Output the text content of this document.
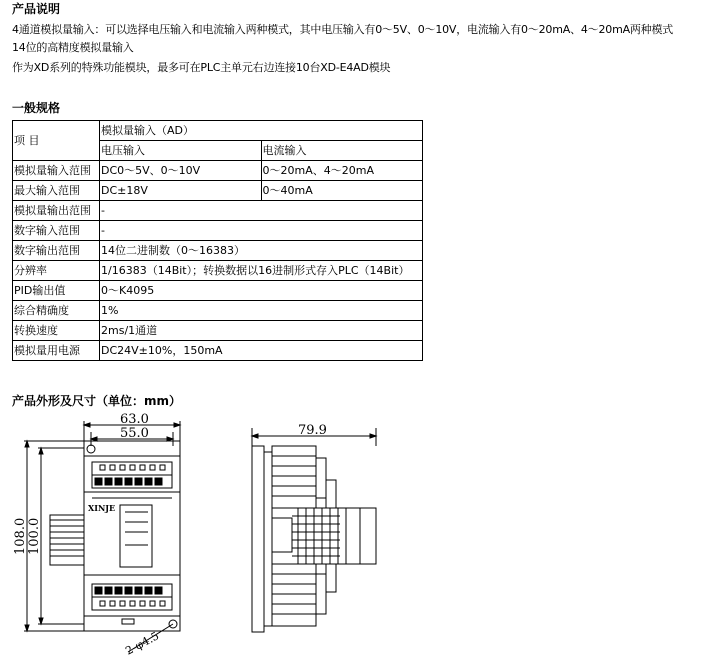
产品说明
4通道模拟量输入：可以选择电压输入和电流输入两种模式，其中电压输入有0～5V、0～10V，电流输入有0～20mA、4～20mA两种模式
14位的高精度模拟量输入
作为XD系列的特殊功能模块，最多可在PLC主单元右边连接10台XD-E4AD模块
一般规格
项 目	模拟量输入（AD）	
	电压输入	电流输入
模拟量输入范围	DC0～5V、0～10V	0～20mA、4～20mA
最大输入范围	DC±18V	0～40mA
模拟量输出范围	-	
数字输入范围	-	
数字输出范围	14位二进制数（0～16383）	
分辨率	1/16383（14Bit）；转换数据以16进制形式存入PLC（14Bit）	
PID输出值	0～K4095	
综合精确度	1%	
转换速度	2ms/1通道	
模拟量用电源	DC24V±10%，150mA	
产品外形及尺寸（单位：mm）
XINJE
63.0
55.0
108.0 100.0
2-φ4.5
79.9
